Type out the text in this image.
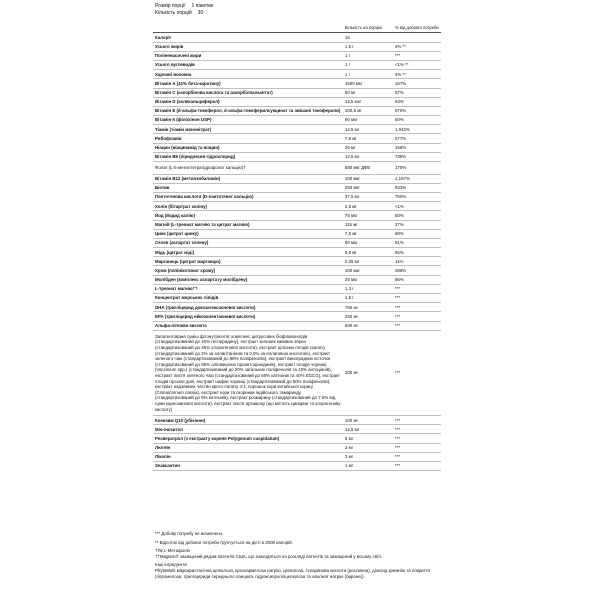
Розмір порції 1 пакетик
Кількість порцій 30
	Кількість на порцію	% від добової потреби
Калорії	15	
Усього жирів	1,5 г	2% **
Поліненасичені жири	1 г	***
Усього вуглеводів	1 г	<1% **
Харчові волокна	1 г	4% **
Вітамін А (41% бета-каротину)	1500 мкг	167%
Вітамін С (аскорбінова кислота та аскорбілпальмітат)	60 мг	67%
Вітамін D (холекальциферол)	12,5 мкг	63%
Вітамін E (d-альфа-токоферол, d-альфа-токоферилсукцинат та змішані токофероли)	100,5 мг	670%
Вітамін К (філохінон USP)	60 мкг	50%
Тіамін (тіамін мононітрат)	12,5 мг	1,042%
Рибофлавін	7,5 мг	577%
Ніацин (ніацинамід та ніацин)	25 мг	156%
Вітамін В6 (піридоксин гідрохлорид)	12,5 мг	735%
Фолат (L-5-метилтетрагідрофолат кальцію)†	680 мкг ДФЕ	170%
Вітамін В12 (метилкобаламін)	100 мкг	4,167%
Біотин	250 мкг	833%
Пантотенова кислота (D-пантотенат кальцію)	37,5 мг	750%
Холін (бітартрат холіну)	2,5 мг	<1%
Йод (йодид калію)	75 мкг	50%
Магній (L-треонат магнію та цитрат магнію)	115 мг	27%
Цинк (цитрат цинку)	7,5 мг	68%
Селен (аспартат селену)	50 мкг	91%
Мідь (цитрат міді)	0,5 мг	56%
Марганець (цитрат марганцю)	0,25 мг	11%
Хром (полінікотинат хрому)	100 мкг	286%
Молібден (комплекс аспартату молібдену)	25 мкг	56%
L-треонат магнію††	1,3 г	***
Концентрат морських ліпідів	1,5 г	***
DHA (тригліцерид докозагексаєнової кислоти)	750 мг	***
EPA (тригліцерид ейкозапентаєнової кислоти)	250 мг	***
Альфа-ліпоєва кислота	600 мг	***
Запатентована суміш фітонутрієнтів: комплекс цитрусових біофлавоноїдів (стандартизований до 40% гесперидину), екстракт зелених кавових зерен (стандартизований до 45% хлорогенової кислоти), екстракт цілісних плодів гранату (стандартизований до 2% за еллагітаніном та 0,5% за еллаговою кислотою), екстракт зеленого чаю (стандартизований до 98% поліфенолів), екстракт виноградних кісточок (стандартизований до 95% олігомерних проантоціанідинів), екстракт плодів чорниці (Vaccinium spp.) (стандартизований до 20% загальних поліфенолів та 15% антоціанів), екстракт листя зеленого чаю (стандартизований до 60% катехінів та 40% EGCG), екстракт плодів гірської дині, екстракт шкірки чорниці (стандартизований до 50% поліфенолів), екстракт надземних частин кресс-салату 4:1, порошок кори китайської кориці (Cinnamomum cassia), екстракт кори та скоринки індійського тамаринду (стандартизований до 6% катехінів), екстракт розмарину (стандартизований до 7.6% від суми карнозинової кислоти), екстракт листя артишоку (що містить цинарин та хлорогенову кислоту)	200 мг	***
Коензим Q10 (убіхінон)	100 мг	***
Міо-інозитол	12,5 мг	***
Ресвератрол (з екстракту кореня Polygonum cuspidatum)	5 мг	***
Лютеїн	3 мг	***
Лікопін	3 мг	***
Зеаксантин	1 мг	***

*** Добову потребу не визначено.

** Відсоток від добової потреби ґрунтується на дієті в 2000 калорій.

†Як L-Метафолін
††Magtein® захищений рядом патентів США, що знаходяться на розгляді патентів та захищений у всьому світі.

Інші інгредієнти
PhytoMulti мікрокристалічна целюлоза, кроскармелоза натрію, целюлоза, стеаринова кислота (рослинна), діоксид кремнію та покриття (гіпромелоза, тригліцериди середнього ланцюга, гідроксипропілцелюлоза та альгінат натрію (бароне)).
